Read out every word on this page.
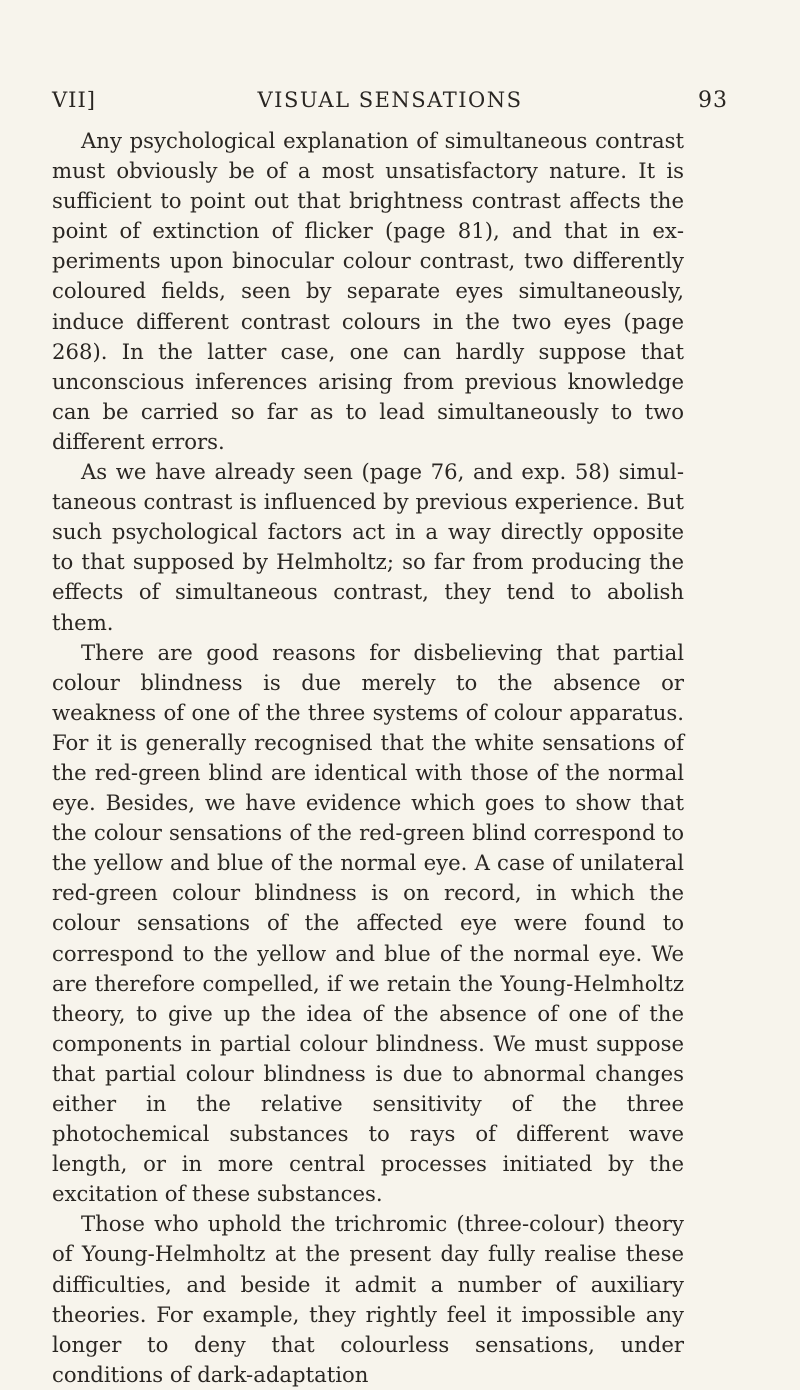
VII]	VISUAL SENSATIONS	93

Any psychological explanation of simultaneous contrast must obviously be of a most unsatisfactory nature. It is sufficient to point out that brightness contrast affects the point of extinction of flicker (page 81), and that in experiments upon binocular colour contrast, two differently coloured fields, seen by separate eyes simultaneously, induce different contrast colours in the two eyes (page 268). In the latter case, one can hardly suppose that unconscious inferences arising from previous knowledge can be carried so far as to lead simultaneously to two different errors.

As we have already seen (page 76, and exp. 58) simultaneous contrast is influenced by previous experience. But such psychological factors act in a way directly opposite to that supposed by Helmholtz; so far from producing the effects of simultaneous contrast, they tend to abolish them.

There are good reasons for disbelieving that partial colour blindness is due merely to the absence or weakness of one of the three systems of colour apparatus. For it is generally recognised that the white sensations of the red-green blind are identical with those of the normal eye. Besides, we have evidence which goes to show that the colour sensations of the red-green blind correspond to the yellow and blue of the normal eye. A case of unilateral red-green colour blindness is on record, in which the colour sensations of the affected eye were found to correspond to the yellow and blue of the normal eye. We are therefore compelled, if we retain the Young-Helmholtz theory, to give up the idea of the absence of one of the components in partial colour blindness. We must suppose that partial colour blindness is due to abnormal changes either in the relative sensitivity of the three photochemical substances to rays of different wave length, or in more central processes initiated by the excitation of these substances.

Those who uphold the trichromic (three-colour) theory of Young-Helmholtz at the present day fully realise these difficulties, and beside it admit a number of auxiliary theories. For example, they rightly feel it impossible any longer to deny that colourless sensations, under conditions of dark-adaptation
